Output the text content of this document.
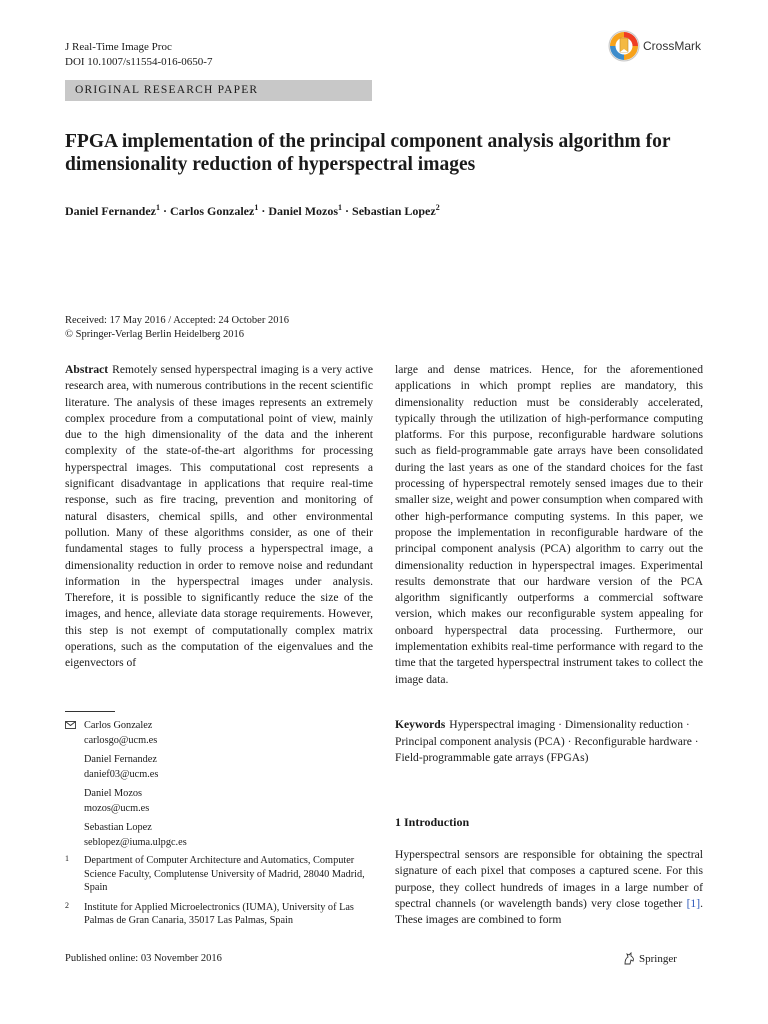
J Real-Time Image Proc
DOI 10.1007/s11554-016-0650-7
CrossMark
ORIGINAL RESEARCH PAPER
FPGA implementation of the principal component analysis algorithm for dimensionality reduction of hyperspectral images
Daniel Fernandez$^1$ · Carlos Gonzalez$^1$ · Daniel Mozos$^1$ · Sebastian Lopez$^2$
Received: 17 May 2016 / Accepted: 24 October 2016
© Springer-Verlag Berlin Heidelberg 2016
Abstract Remotely sensed hyperspectral imaging is a very active research area, with numerous contributions in the recent scientific literature. The analysis of these images represents an extremely complex procedure from a computational point of view, mainly due to the high dimensionality of the data and the inherent complexity of the state-of-the-art algorithms for processing hyperspectral images. This computational cost represents a significant disadvantage in applications that require real-time response, such as fire tracing, prevention and monitoring of natural disasters, chemical spills, and other environmental pollution. Many of these algorithms consider, as one of their fundamental stages to fully process a hyperspectral image, a dimensionality reduction in order to remove noise and redundant information in the hyperspectral images under analysis. Therefore, it is possible to significantly reduce the size of the images, and hence, alleviate data storage requirements. However, this step is not exempt of computationally complex matrix operations, such as the computation of the eigenvalues and the eigenvectors of
large and dense matrices. Hence, for the aforementioned applications in which prompt replies are mandatory, this dimensionality reduction must be considerably accelerated, typically through the utilization of high-performance computing platforms. For this purpose, reconfigurable hardware solutions such as field-programmable gate arrays have been consolidated during the last years as one of the standard choices for the fast processing of hyperspectral remotely sensed images due to their smaller size, weight and power consumption when compared with other high-performance computing systems. In this paper, we propose the implementation in reconfigurable hardware of the principal component analysis (PCA) algorithm to carry out the dimensionality reduction in hyperspectral images. Experimental results demonstrate that our hardware version of the PCA algorithm significantly outperforms a commercial software version, which makes our reconfigurable system appealing for onboard hyperspectral data processing. Furthermore, our implementation exhibits real-time performance with regard to the time that the targeted hyperspectral instrument takes to collect the image data.
Carlos Gonzalez
carlosgo@ucm.es
Daniel Fernandez
danief03@ucm.es
Daniel Mozos
mozos@ucm.es
Sebastian Lopez
seblopez@iuma.ulpgc.es
1	Department of Computer Architecture and Automatics, Computer Science Faculty, Complutense University of Madrid, 28040 Madrid, Spain
2	Institute for Applied Microelectronics (IUMA), University of Las Palmas de Gran Canaria, 35017 Las Palmas, Spain
Keywords Hyperspectral imaging · Dimensionality reduction · Principal component analysis (PCA) · Reconfigurable hardware · Field-programmable gate arrays (FPGAs)
1 Introduction
Hyperspectral sensors are responsible for obtaining the spectral signature of each pixel that composes a captured scene. For this purpose, they collect hundreds of images in a large number of spectral channels (or wavelength bands) very close together [1]. These images are combined to form
Published online: 03 November 2016	Springer
